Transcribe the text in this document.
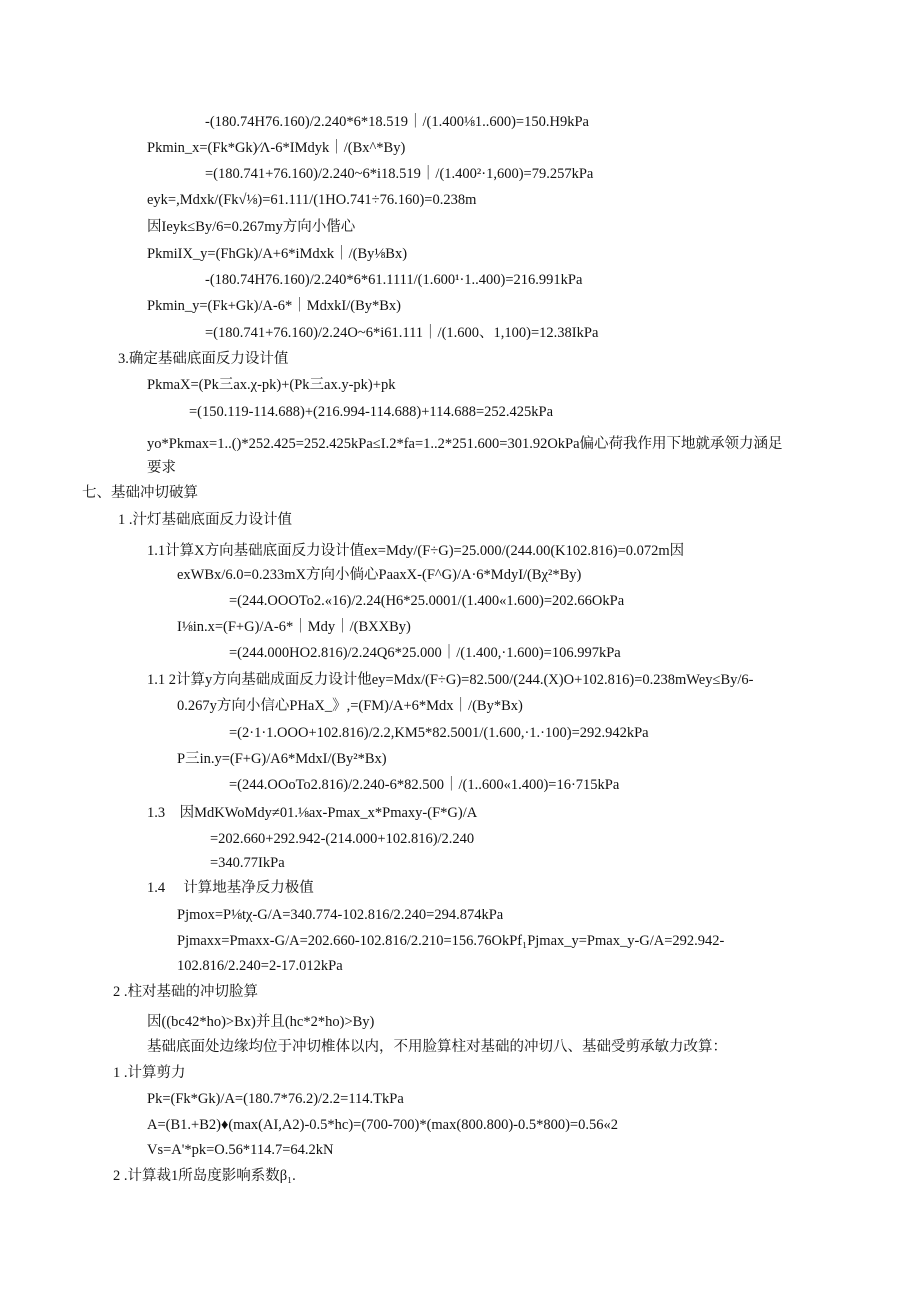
-(180.74H76.160)/2.240*6*18.519｜/(1.400⅛1..600)=150.H9kPa
Pkmin_x=(Fk*Gk)∕Λ-6*IMdyk｜/(Bx^*By)
=(180.741+76.160)/2.240~6*i18.519｜/(1.400²·1,600)=79.257kPa
eyk=,Mdxk/(Fk√⅛)=61.111/(1HO.741÷76.160)=0.238m
因Ieyk≤By/6=0.267my方向小偕心
PkmiIX_y=(FhGk)/A+6*iMdxk｜/(By⅛Bx)
-(180.74H76.160)/2.240*6*61.1111/(1.600¹·1..400)=216.991kPa
Pkmin_y=(Fk+Gk)/A-6*｜MdxkI/(By*Bx)
=(180.741+76.160)/2.24O~6*i61.111｜/(1.600、1,100)=12.38IkPa
3.确定基础底面反力设计值
PkmaX=(Pk三ax.χ-pk)+(Pk三ax.y-pk)+pk
=(150.119-114.688)+(216.994-114.688)+114.688=252.425kPa
yo*Pkmax=1..()*252.425=252.425kPa≤I.2*fa=1..2*251.600=301.92OkPa偏心荷我作用下地就承领力涵足
要求
七、基础冲切破算
1 .汁灯基础底面反力设计值
1.1计算X方向基础底面反力设计值ex=Mdy/(F÷G)=25.000/(244.00(K102.816)=0.072m因
exWBx/6.0=0.233mX方向小倘心PaaxX-(F^G)/A·6*MdyI/(Bχ²*By)
=(244.OOOTo2.«16)/2.24(H6*25.0001/(1.400«1.600)=202.66OkPa
I⅛in.x=(F+G)/A-6*｜Mdy｜/(BXXBy)
=(244.000HO2.816)/2.24Q6*25.000｜/(1.400,·1.600)=106.997kPa
1.1 2计算y方向基础成面反力设计他ey=Mdx/(F÷G)=82.500/(244.(X)O+102.816)=0.238mWey≤By/6-
0.267y方向小信心PHaX_》,=(FM)/A+6*Mdx｜/(By*Bx)
=(2·1·1.OOO+102.816)/2.2,KM5*82.5001/(1.600,·1.·100)=292.942kPa
P三in.y=(F+G)/A6*MdxI/(By²*Bx)
=(244.OOoTo2.816)/2.240-6*82.500｜/(1..600«1.400)=16·715kPa
1.3　因MdKWoMdy≠01.⅛ax-Pmax_x*Pmaxy-(F*G)/A
=202.660+292.942-(214.000+102.816)/2.240
=340.77IkPa
1.4　 计算地基净反力极值
Pjmox=P⅛tχ-G/A=340.774-102.816/2.240=294.874kPa
Pjmaxx=Pmaxx-G/A=202.660-102.816/2.210=156.76OkPf₁Pjmax_y=Pmax_y-G/A=292.942-
102.816/2.240=2-17.012kPa
2 .柱对基础的冲切脸算
因((bc42*ho)>Bx)并且(hc*2*ho)>By)
基础底面处边缘均位于冲切椎体以内，不用脸算柱对基础的冲切八、基础受剪承敏力改算：
1 .计算剪力
Pk=(Fk*Gk)/A=(180.7*76.2)/2.2=114.TkPa
A=(B1.+B2)♦(max(AI,A2)-0.5*hc)=(700-700)*(max(800.800)-0.5*800)=0.56«2
Vs=A'*pk=O.56*114.7=64.2kN
2 .计算裁1所岛度影响系数β₁.
